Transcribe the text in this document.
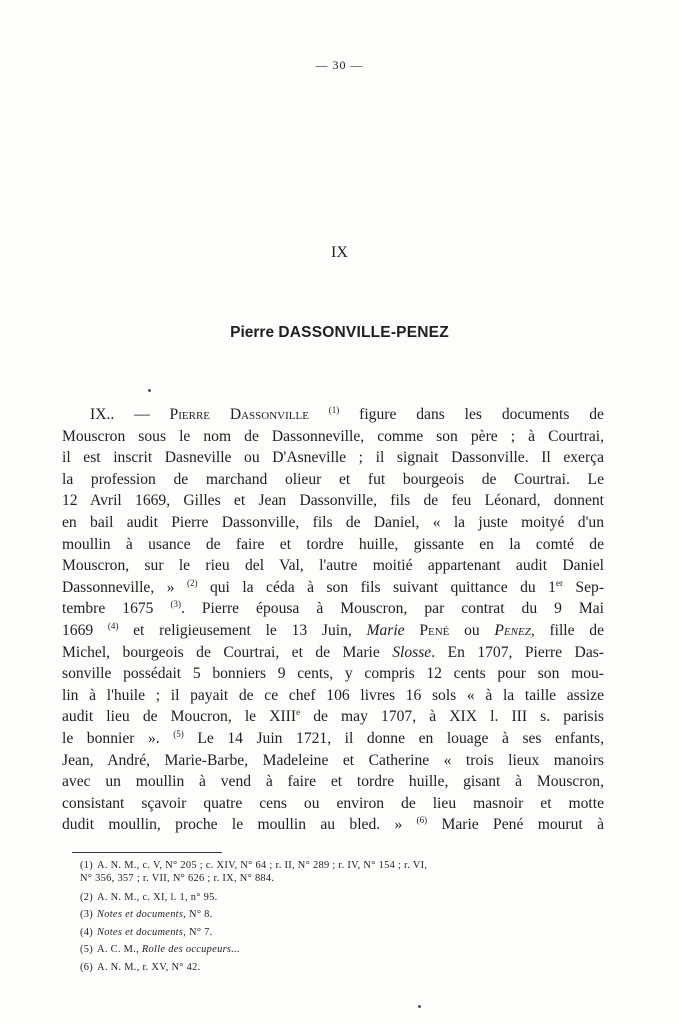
— 30 —
IX
Pierre DASSONVILLE-PENEZ
IX.. — Pierre Dassonville $^{(1)}$ figure dans les documents de
Mouscron sous le nom de Dassonneville, comme son père ; à Courtrai,
il est inscrit Dasneville ou D'Asneville ; il signait Dassonville. Il exerça
la profession de marchand olieur et fut bourgeois de Courtrai. Le
12 Avril 1669, Gilles et Jean Dassonville, fils de feu Léonard, donnent
en bail audit Pierre Dassonville, fils de Daniel, « la juste moityé d'un
moullin à usance de faire et tordre huille, gissante en la comté de
Mouscron, sur le rieu del Val, l'autre moitié appartenant audit Daniel
Dassonneville, » $^{(2)}$ qui la céda à son fils suivant quittance du 1er Sep-
tembre 1675 $^{(3)}$. Pierre épousa à Mouscron, par contrat du 9 Mai
1669 $^{(4)}$ et religieusement le 13 Juin, Marie Pené ou Penez, fille de
Michel, bourgeois de Courtrai, et de Marie Slosse. En 1707, Pierre Das-
sonville possédait 5 bonniers 9 cents, y compris 12 cents pour son mou-
lin à l'huile ; il payait de ce chef 106 livres 16 sols « à la taille assize
audit lieu de Moucron, le XIIIe de may 1707, à XIX l. III s. parisis
le bonnier ». $^{(5)}$ Le 14 Juin 1721, il donne en louage à ses enfants,
Jean, André, Marie-Barbe, Madeleine et Catherine « trois lieux manoirs
avec un moullin à vend à faire et tordre huille, gisant à Mouscron,
consistant sçavoir quatre cens ou environ de lieu masnoir et motte
dudit moullin, proche le moullin au bled. » $^{(6)}$ Marie Pené mourut à
(1) A. N. M., c. V, N° 205 ; c. XIV, N° 64 ; r. II, N° 289 ; r. IV, N° 154 ; r. VI,
N° 356, 357 ; r. VII, N° 626 ; r. IX, N° 884.
(2) A. N. M., c. XI, l. 1, n° 95.
(3) Notes et documents, N° 8.
(4) Notes et documents, N° 7.
(5) A. C. M., Rolle des occupeurs...
(6) A. N. M., r. XV, N° 42.
